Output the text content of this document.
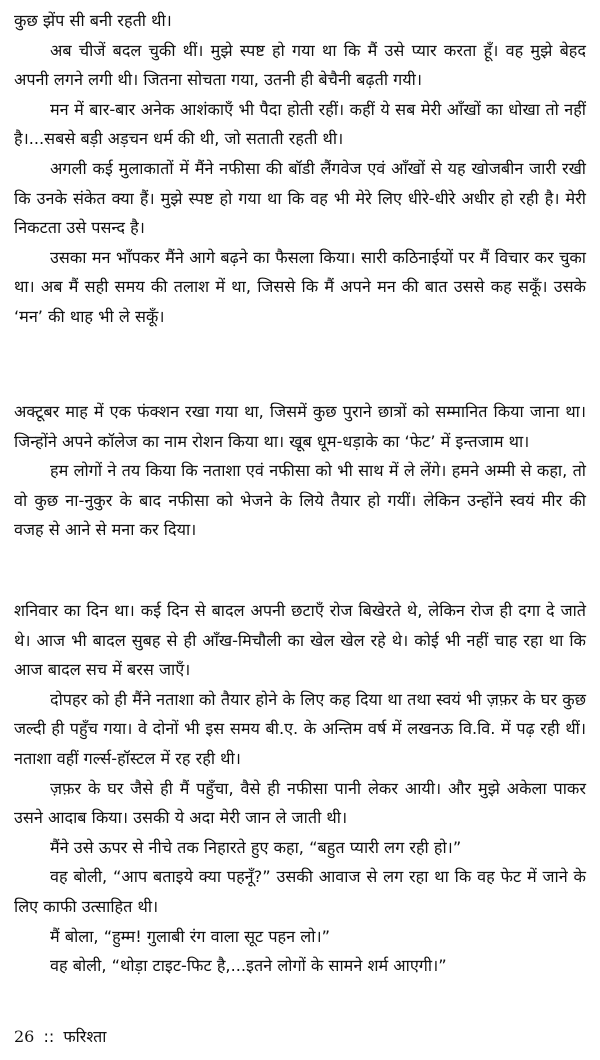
कुछ झेंप सी बनी रहती थी।

अब चीजें बदल चुकी थीं। मुझे स्पष्ट हो गया था कि मैं उसे प्यार करता हूँ। वह मुझे बेहद अपनी लगने लगी थी। जितना सोचता गया, उतनी ही बेचैनी बढ़ती गयी।

मन में बार-बार अनेक आशंकाएँ भी पैदा होती रहीं। कहीं ये सब मेरी आँखों का धोखा तो नहीं है।...सबसे बड़ी अड़चन धर्म की थी, जो सताती रहती थी।

अगली कई मुलाकातों में मैंने नफीसा की बॉडी लैंगवेज एवं आँखों से यह खोजबीन जारी रखी कि उनके संकेत क्या हैं। मुझे स्पष्ट हो गया था कि वह भी मेरे लिए धीरे-धीरे अधीर हो रही है। मेरी निकटता उसे पसन्द है।

उसका मन भाँपकर मैंने आगे बढ़ने का फैसला किया। सारी कठिनाईयों पर मैं विचार कर चुका था। अब मैं सही समय की तलाश में था, जिससे कि मैं अपने मन की बात उससे कह सकूँ। उसके ‘मन’ की थाह भी ले सकूँ।

अक्टूबर माह में एक फंक्शन रखा गया था, जिसमें कुछ पुराने छात्रों को सम्मानित किया जाना था। जिन्होंने अपने कॉलेज का नाम रोशन किया था। खूब धूम-धड़ाके का ‘फेट’ में इन्तजाम था।

हम लोगों ने तय किया कि नताशा एवं नफीसा को भी साथ में ले लेंगे। हमने अम्मी से कहा, तो वो कुछ ना-नुकुर के बाद नफीसा को भेजने के लिये तैयार हो गयीं। लेकिन उन्होंने स्वयं मीर की वजह से आने से मना कर दिया।

शनिवार का दिन था। कई दिन से बादल अपनी छटाएँ रोज बिखेरते थे, लेकिन रोज ही दगा दे जाते थे। आज भी बादल सुबह से ही आँख-मिचौली का खेल खेल रहे थे। कोई भी नहीं चाह रहा था कि आज बादल सच में बरस जाएँ।

दोपहर को ही मैंने नताशा को तैयार होने के लिए कह दिया था तथा स्वयं भी ज़फ़र के घर कुछ जल्दी ही पहुँच गया। वे दोनों भी इस समय बी.ए. के अन्तिम वर्ष में लखनऊ वि.वि. में पढ़ रही थीं। नताशा वहीं गर्ल्स-हॉस्टल में रह रही थी।

ज़फ़र के घर जैसे ही मैं पहुँचा, वैसे ही नफीसा पानी लेकर आयी। और मुझे अकेला पाकर उसने आदाब किया। उसकी ये अदा मेरी जान ले जाती थी।

मैंने उसे ऊपर से नीचे तक निहारते हुए कहा, “बहुत प्यारी लग रही हो।”

वह बोली, “आप बताइये क्या पहनूँ?” उसकी आवाज से लग रहा था कि वह फेट में जाने के लिए काफी उत्साहित थी।

मैं बोला, “हुम्म! गुलाबी रंग वाला सूट पहन लो।”

वह बोली, “थोड़ा टाइट-फिट है,...इतने लोगों के सामने शर्म आएगी।”

26 :: फरिश्ता
